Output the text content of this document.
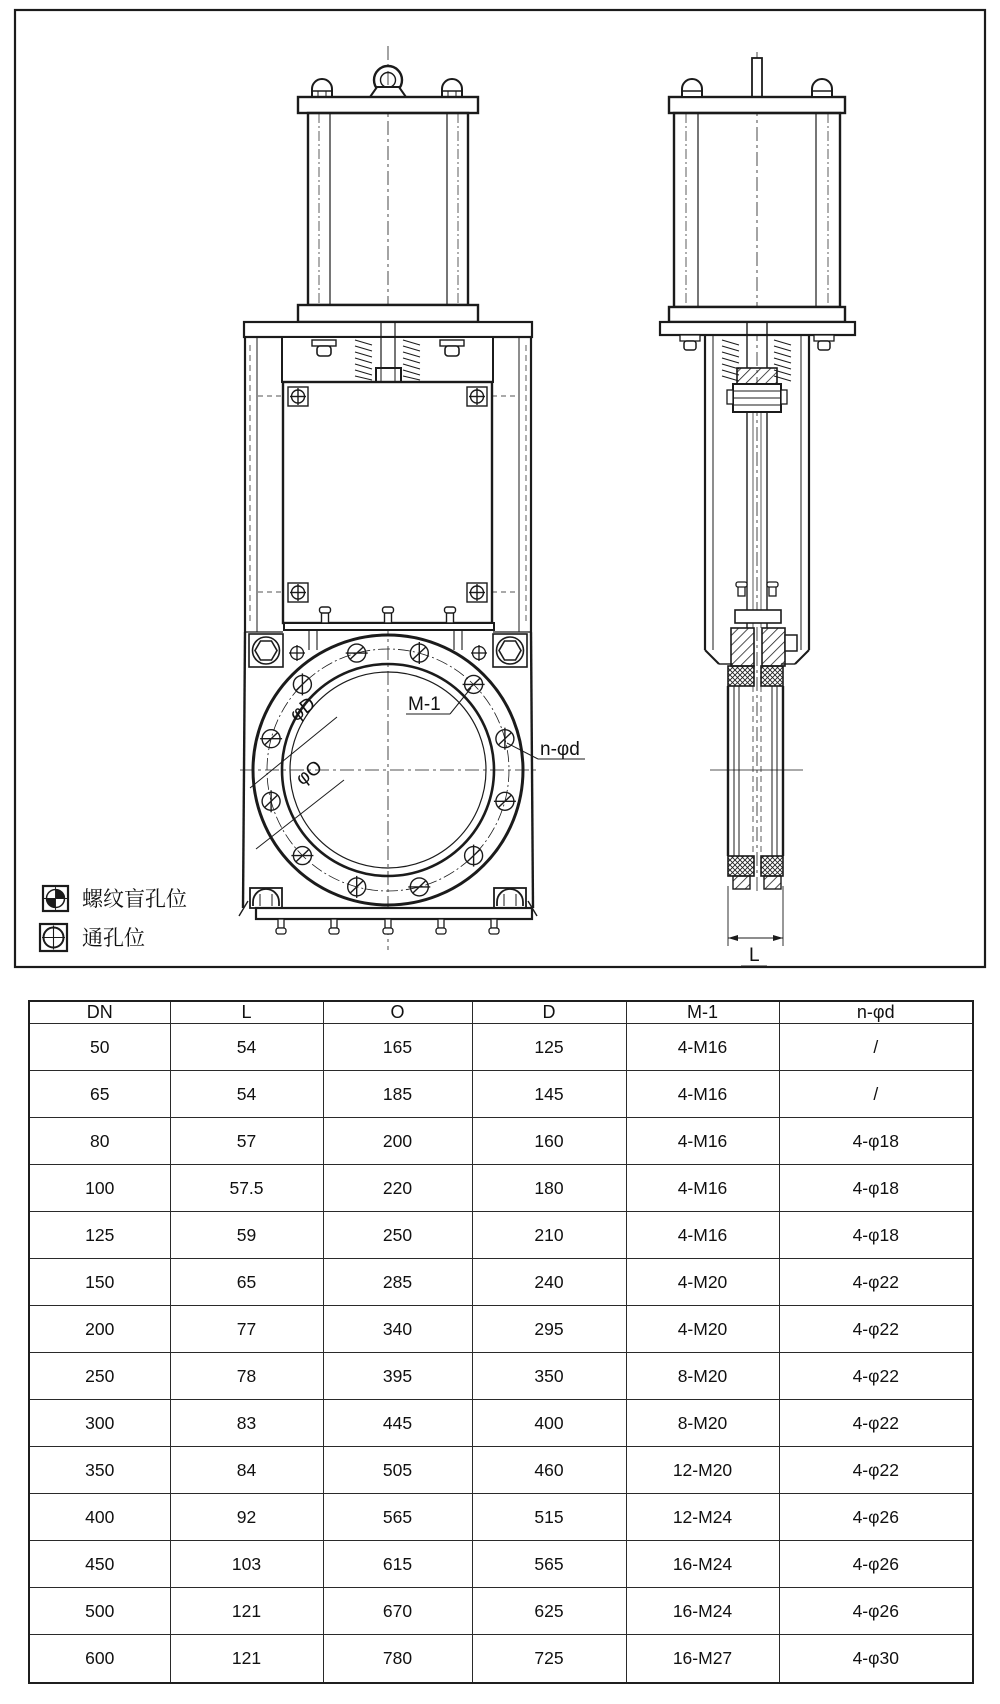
φD
φO
M-1
n-φd
L
螺纹盲孔位
通孔位
DN	L	O	D	M-1	n-φd
50	54	165	125	4-M16	/
65	54	185	145	4-M16	/
80	57	200	160	4-M16	4-φ18
100	57.5	220	180	4-M16	4-φ18
125	59	250	210	4-M16	4-φ18
150	65	285	240	4-M20	4-φ22
200	77	340	295	4-M20	4-φ22
250	78	395	350	8-M20	4-φ22
300	83	445	400	8-M20	4-φ22
350	84	505	460	12-M20	4-φ22
400	92	565	515	12-M24	4-φ26
450	103	615	565	16-M24	4-φ26
500	121	670	625	16-M24	4-φ26
600	121	780	725	16-M27	4-φ30
